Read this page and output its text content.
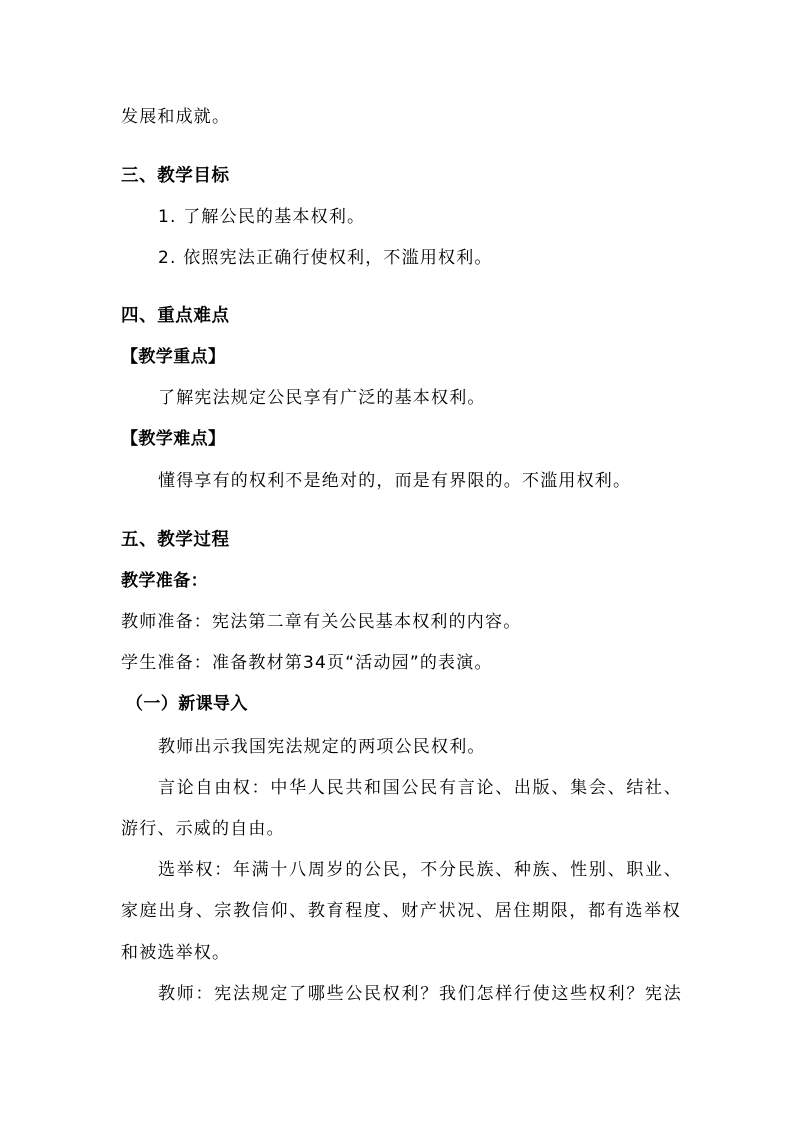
发展和成就。
三、教学目标
1. 了解公民的基本权利。
2. 依照宪法正确行使权利，不滥用权利。
四、重点难点
【教学重点】
了解宪法规定公民享有广泛的基本权利。
【教学难点】
懂得享有的权利不是绝对的，而是有界限的。不滥用权利。
五、教学过程
教学准备：
教师准备：宪法第二章有关公民基本权利的内容。
学生准备：准备教材第34页“活动园”的表演。
（一）新课导入
教师出示我国宪法规定的两项公民权利。
言论自由权：中华人民共和国公民有言论、出版、集会、结社、
游行、示威的自由。
选举权：年满十八周岁的公民，不分民族、种族、性别、职业、
家庭出身、宗教信仰、教育程度、财产状况、居住期限，都有选举权
和被选举权。
教师：宪法规定了哪些公民权利？我们怎样行使这些权利？宪法
